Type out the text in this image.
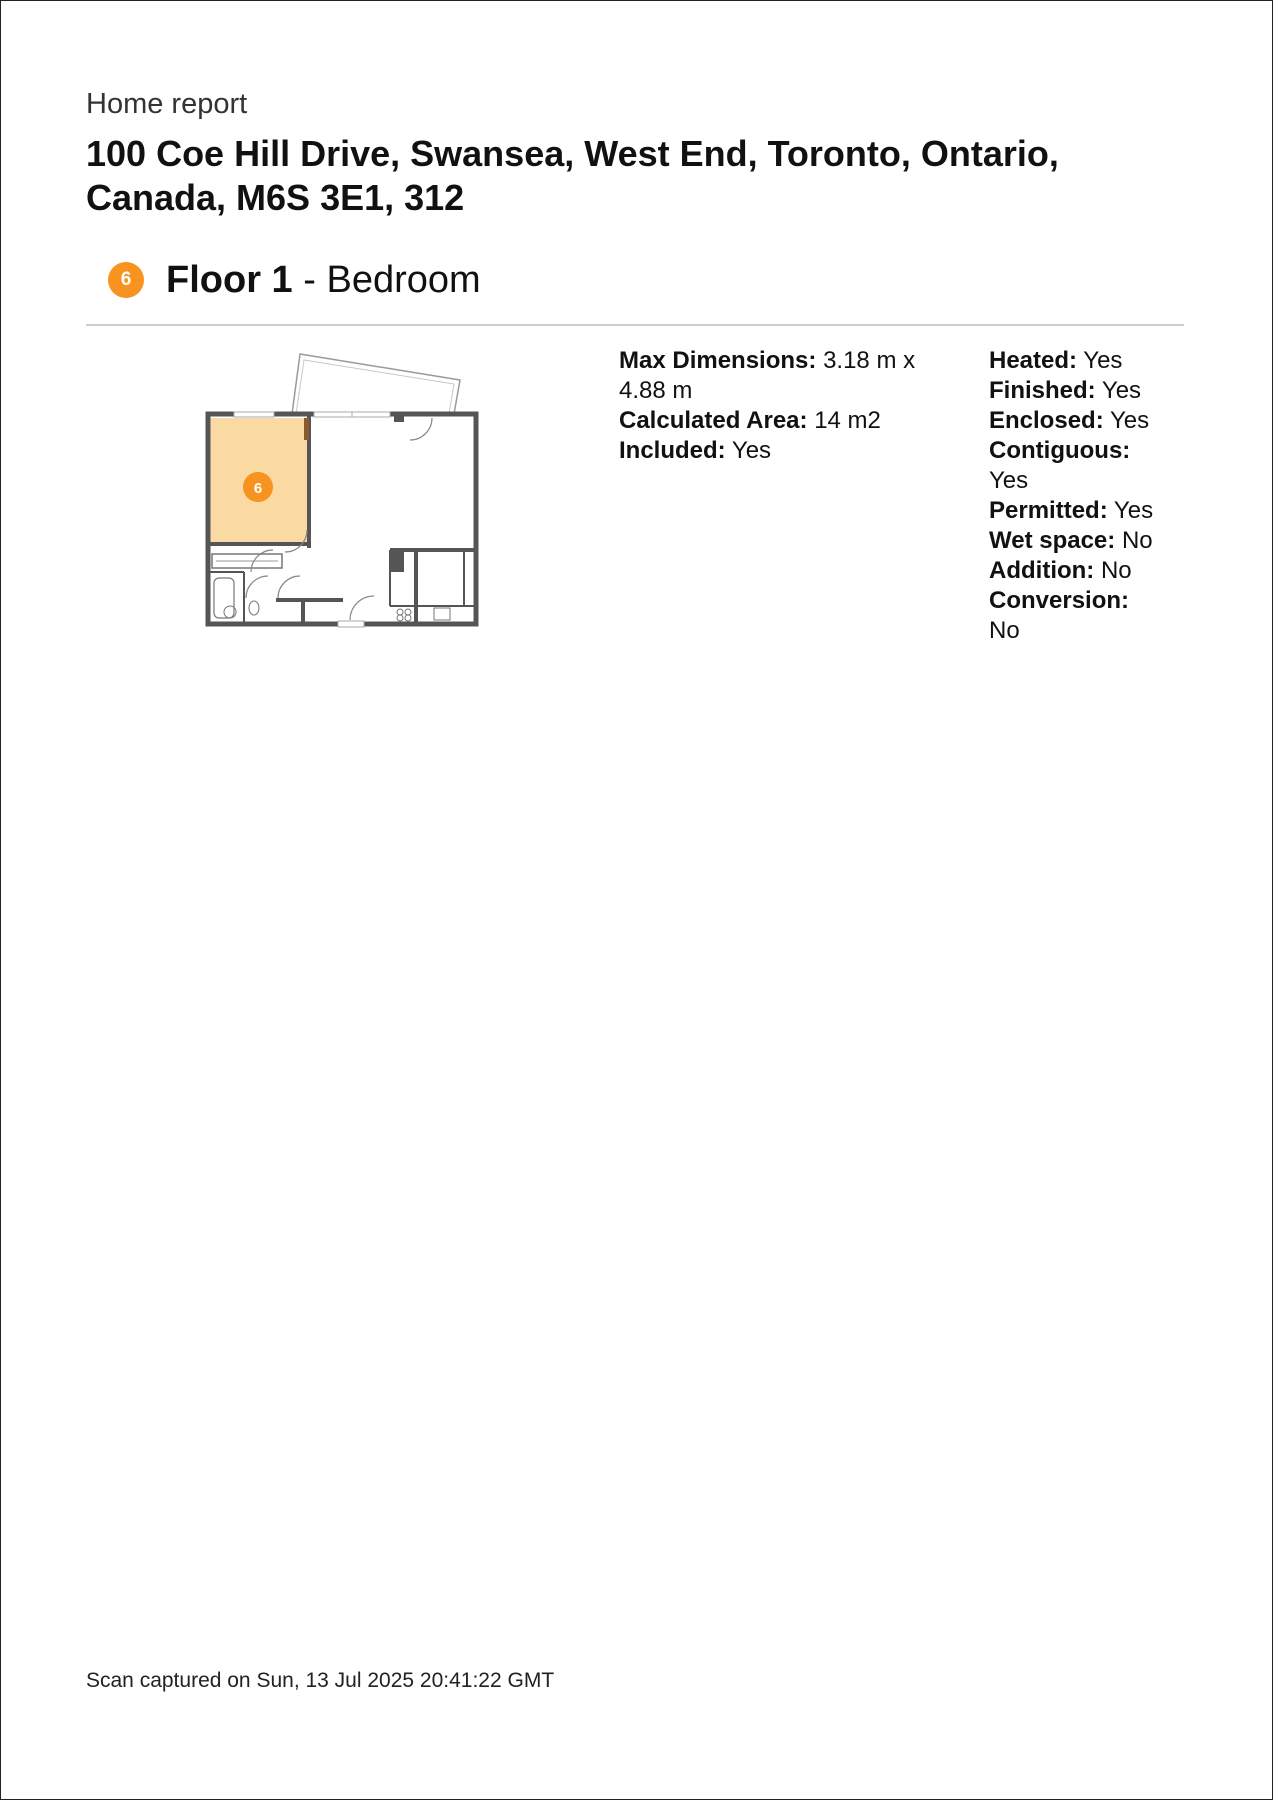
Home report
100 Coe Hill Drive, Swansea, West End, Toronto, Ontario, Canada, M6S 3E1, 312
6 Floor 1 - Bedroom
6

Max Dimensions: 3.18 m x 4.88 m

Calculated Area: 14 m2

Included: Yes

Heated: Yes

Finished: Yes

Enclosed: Yes

Contiguous: Yes

Permitted: Yes

Wet space: No

Addition: No

Conversion: No

Scan captured on Sun, 13 Jul 2025 20:41:22 GMT
